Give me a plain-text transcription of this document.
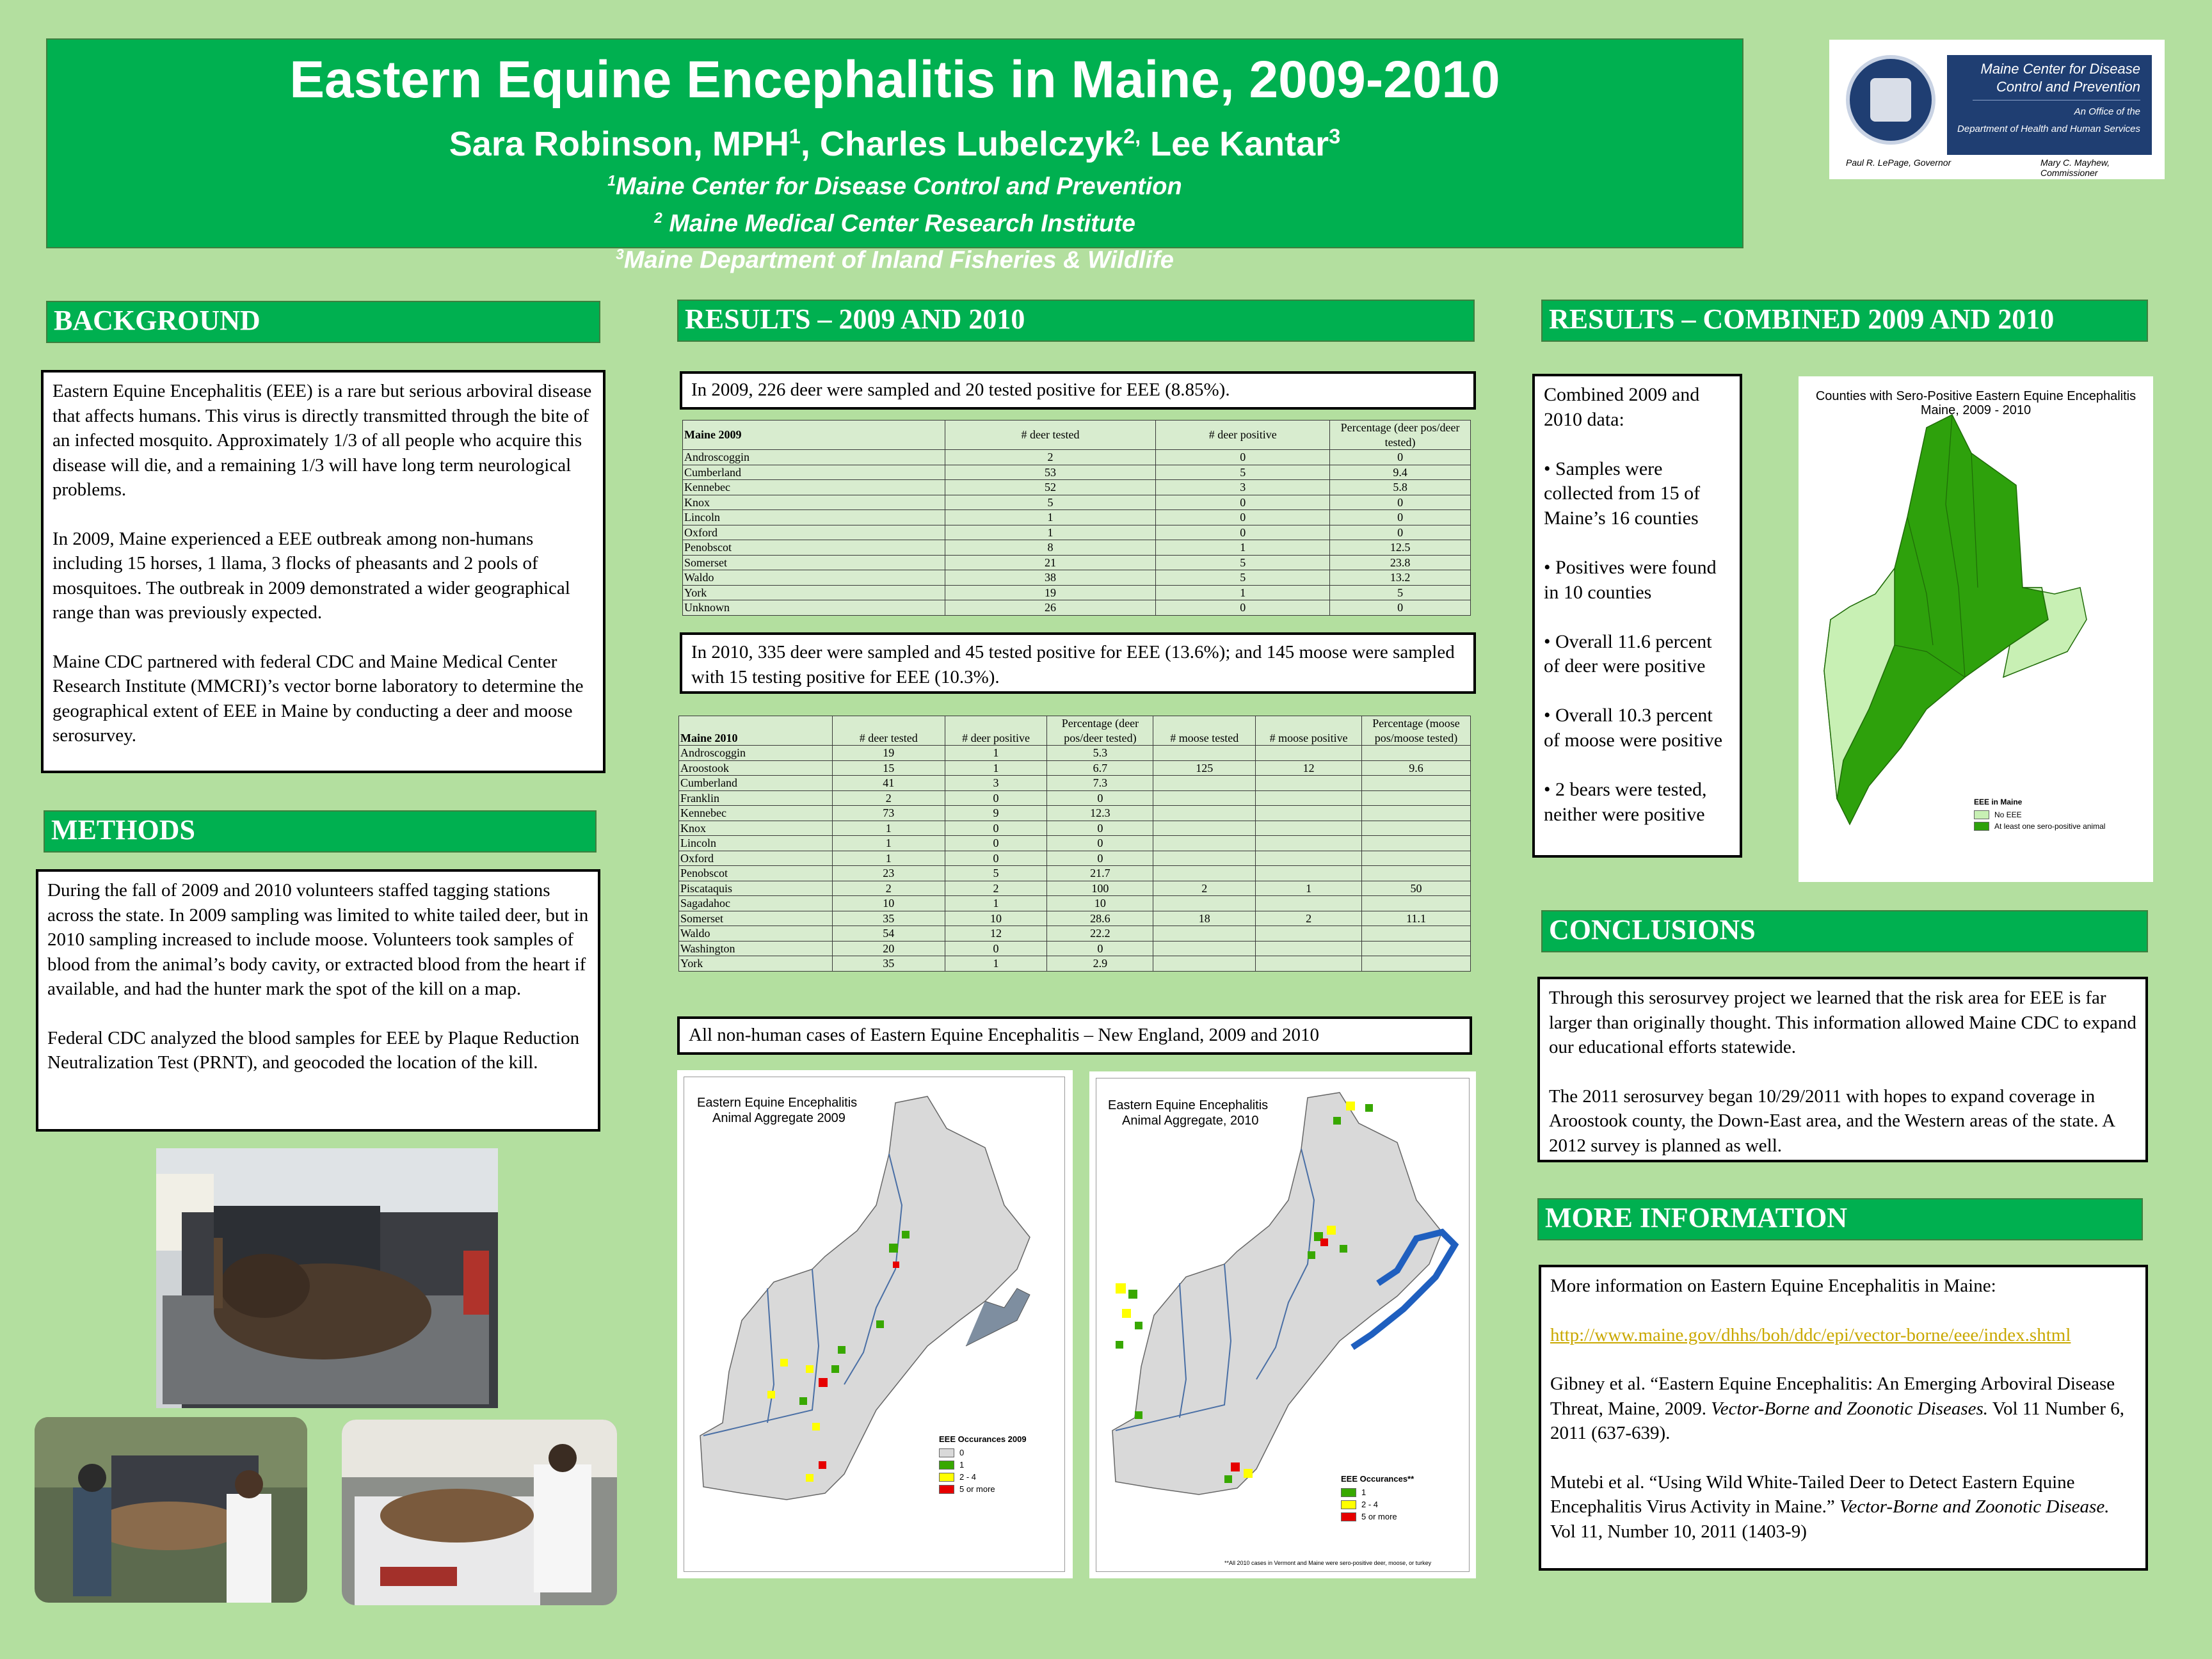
Eastern Equine Encephalitis in Maine, 2009-2010
Sara Robinson, MPH$^1$, Charles Lubelczyk$^{2,}$ Lee Kantar$^3$
$^1$Maine Center for Disease Control and Prevention
$^2$ Maine Medical Center Research Institute
$^3$Maine Department of Inland Fisheries & Wildlife
Maine Center for Disease
Control and Prevention
An Office of the
Department of Health and Human Services
Paul R. LePage, Governor	Mary C. Mayhew, Commissioner
BACKGROUND

Eastern Equine Encephalitis (EEE) is a rare but serious arboviral disease that affects humans. This virus is directly transmitted through the bite of an infected mosquito. Approximately 1/3 of all people who acquire this disease will die, and a remaining 1/3 will have long term neurological problems.

In 2009, Maine experienced a EEE outbreak among non-humans including 15 horses, 1 llama, 3 flocks of pheasants and 2 pools of mosquitoes. The outbreak in 2009 demonstrated a wider geographical range than was previously expected.

Maine CDC partnered with federal CDC and Maine Medical Center Research Institute (MMCRI)’s vector borne laboratory to determine the geographical extent of EEE in Maine by conducting a deer and moose serosurvey.

METHODS

During the fall of 2009 and 2010 volunteers staffed tagging stations across the state. In 2009 sampling was limited to white tailed deer, but in 2010 sampling increased to include moose. Volunteers took samples of blood from the animal’s body cavity, or extracted blood from the heart if available, and had the hunter mark the spot of the kill on a map.

Federal CDC analyzed the blood samples for EEE by Plaque Reduction Neutralization Test (PRNT), and geocoded the location of the kill.

RESULTS – 2009 AND 2010
In 2009, 226 deer were sampled and 20 tested positive for EEE (8.85%).
Maine 2009	# deer tested	# deer positive	Percentage (deer pos/deer tested)
Androscoggin	2	0	0
Cumberland	53	5	9.4
Kennebec	52	3	5.8
Knox	5	0	0
Lincoln	1	0	0
Oxford	1	0	0
Penobscot	8	1	12.5
Somerset	21	5	23.8
Waldo	38	5	13.2
York	19	1	5
Unknown	26	0	0
In 2010, 335 deer were sampled and 45 tested positive for EEE (13.6%); and 145 moose were sampled with 15 testing positive for EEE (10.3%).
Maine 2010	# deer tested	# deer positive	Percentage (deer pos/deer tested)	# moose tested	# moose positive	Percentage (moose pos/moose tested)
Androscoggin	19	1	5.3			
Aroostook	15	1	6.7	125	12	9.6
Cumberland	41	3	7.3			
Franklin	2	0	0			
Kennebec	73	9	12.3			
Knox	1	0	0			
Lincoln	1	0	0			
Oxford	1	0	0			
Penobscot	23	5	21.7			
Piscataquis	2	2	100	2	1	50
Sagadahoc	10	1	10			
Somerset	35	10	28.6	18	2	11.1
Waldo	54	12	22.2			
Washington	20	0	0			
York	35	1	2.9			
All non-human cases of Eastern Equine Encephalitis – New England, 2009 and 2010
Eastern Equine Encephalitis
Animal Aggregate 2009
EEE Occurances 2009
0
1
2 - 4
5 or more
Eastern Equine Encephalitis
Animal Aggregate, 2010
EEE Occurances**
1
2 - 4
5 or more
**All 2010 cases in Vermont and Maine were sero-positive deer, moose, or turkey
RESULTS – COMBINED 2009 AND 2010

Combined 2009 and 2010 data:

• Samples were collected from 15 of Maine’s 16 counties

• Positives were found in 10 counties

• Overall 11.6 percent of deer were positive

• Overall 10.3 percent of moose were positive

• 2 bears were tested, neither were positive

Counties with Sero-Positive Eastern Equine Encephalitis
Maine, 2009 - 2010
EEE in Maine
No EEE
At least one sero-positive animal
CONCLUSIONS

Through this serosurvey project we learned that the risk area for EEE is far larger than originally thought. This information allowed Maine CDC to expand our educational efforts statewide.

The 2011 serosurvey began 10/29/2011 with hopes to expand coverage in Aroostook county, the Down-East area, and the Western areas of the state. A 2012 survey is planned as well.

MORE INFORMATION

More information on Eastern Equine Encephalitis in Maine:

http://www.maine.gov/dhhs/boh/ddc/epi/vector-borne/eee/index.shtml

Gibney et al. “Eastern Equine Encephalitis: An Emerging Arboviral Disease Threat, Maine, 2009. Vector-Borne and Zoonotic Diseases. Vol 11 Number 6, 2011 (637-639).

Mutebi et al. “Using Wild White-Tailed Deer to Detect Eastern Equine Encephalitis Virus Activity in Maine.” Vector-Borne and Zoonotic Disease. Vol 11, Number 10, 2011 (1403-9)
